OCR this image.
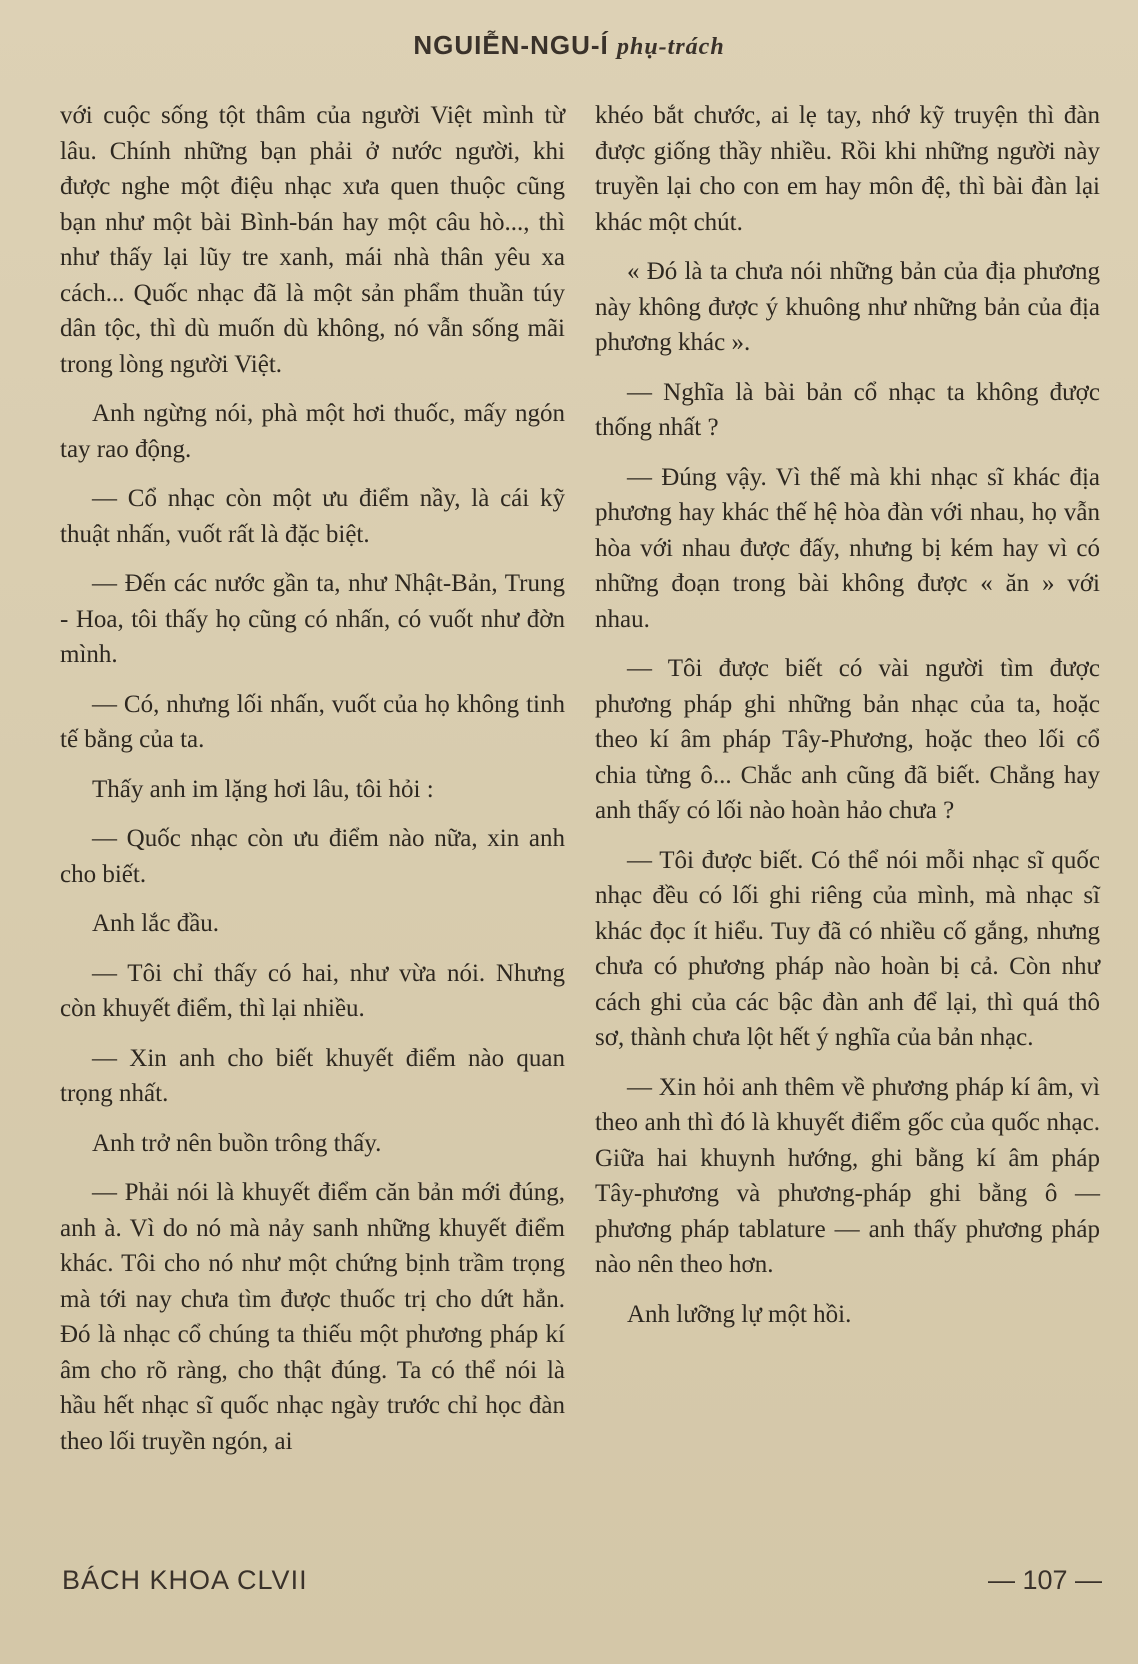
NGUIỄN-NGU-Í phụ-trách

với cuộc sống tột thâm của người Việt mình từ lâu. Chính những bạn phải ở nước người, khi được nghe một điệu nhạc xưa quen thuộc cũng bạn như một bài Bình-bán hay một câu hò..., thì như thấy lại lũy tre xanh, mái nhà thân yêu xa cách... Quốc nhạc đã là một sản phẩm thuần túy dân tộc, thì dù muốn dù không, nó vẫn sống mãi trong lòng người Việt.

Anh ngừng nói, phà một hơi thuốc, mấy ngón tay rao động.

— Cổ nhạc còn một ưu điểm nầy, là cái kỹ thuật nhấn, vuốt rất là đặc biệt.

— Đến các nước gần ta, như Nhật-Bản, Trung - Hoa, tôi thấy họ cũng có nhấn, có vuốt như đờn mình.

— Có, nhưng lối nhấn, vuốt của họ không tinh tế bằng của ta.

Thấy anh im lặng hơi lâu, tôi hỏi :

— Quốc nhạc còn ưu điểm nào nữa, xin anh cho biết.

Anh lắc đầu.

— Tôi chỉ thấy có hai, như vừa nói. Nhưng còn khuyết điểm, thì lại nhiều.

— Xin anh cho biết khuyết điểm nào quan trọng nhất.

Anh trở nên buồn trông thấy.

— Phải nói là khuyết điểm căn bản mới đúng, anh à. Vì do nó mà nảy sanh những khuyết điểm khác. Tôi cho nó như một chứng bịnh trầm trọng mà tới nay chưa tìm được thuốc trị cho dứt hẳn. Đó là nhạc cổ chúng ta thiếu một phương pháp kí âm cho rõ ràng, cho thật đúng. Ta có thể nói là hầu hết nhạc sĩ quốc nhạc ngày trước chỉ học đàn theo lối truyền ngón, ai

khéo bắt chước, ai lẹ tay, nhớ kỹ truyện thì đàn được giống thầy nhiều. Rồi khi những người này truyền lại cho con em hay môn đệ, thì bài đàn lại khác một chút.

« Đó là ta chưa nói những bản của địa phương này không được ý khuông như những bản của địa phương khác ».

— Nghĩa là bài bản cổ nhạc ta không được thống nhất ?

— Đúng vậy. Vì thế mà khi nhạc sĩ khác địa phương hay khác thế hệ hòa đàn với nhau, họ vẫn hòa với nhau được đấy, nhưng bị kém hay vì có những đoạn trong bài không được « ăn » với nhau.

— Tôi được biết có vài người tìm được phương pháp ghi những bản nhạc của ta, hoặc theo kí âm pháp Tây-Phương, hoặc theo lối cổ chia từng ô... Chắc anh cũng đã biết. Chẳng hay anh thấy có lối nào hoàn hảo chưa ?

— Tôi được biết. Có thể nói mỗi nhạc sĩ quốc nhạc đều có lối ghi riêng của mình, mà nhạc sĩ khác đọc ít hiểu. Tuy đã có nhiều cố gắng, nhưng chưa có phương pháp nào hoàn bị cả. Còn như cách ghi của các bậc đàn anh để lại, thì quá thô sơ, thành chưa lột hết ý nghĩa của bản nhạc.

— Xin hỏi anh thêm về phương pháp kí âm, vì theo anh thì đó là khuyết điểm gốc của quốc nhạc. Giữa hai khuynh hướng, ghi bằng kí âm pháp Tây-phương và phương-pháp ghi bằng ô — phương pháp tablature — anh thấy phương pháp nào nên theo hơn.

Anh lưỡng lự một hồi.

BÁCH KHOA CLVII	— 107 —
